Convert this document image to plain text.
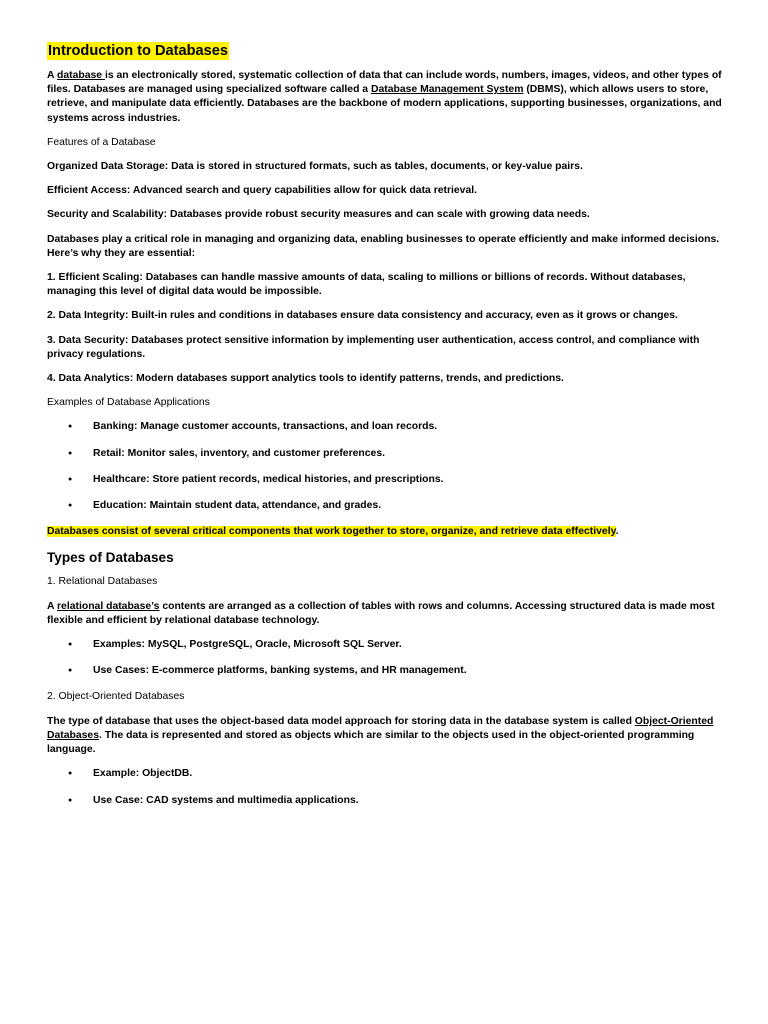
Introduction to Databases

A database is an electronically stored, systematic collection of data that can include words, numbers, images, videos, and other types of files. Databases are managed using specialized software called a Database Management System (DBMS), which allows users to store, retrieve, and manipulate data efficiently. Databases are the backbone of modern applications, supporting businesses, organizations, and systems across industries.

Features of a Database

Organized Data Storage: Data is stored in structured formats, such as tables, documents, or key-value pairs.

Efficient Access: Advanced search and query capabilities allow for quick data retrieval.

Security and Scalability: Databases provide robust security measures and can scale with growing data needs.

Databases play a critical role in managing and organizing data, enabling businesses to operate efficiently and make informed decisions. Here’s why they are essential:

1. Efficient Scaling: Databases can handle massive amounts of data, scaling to millions or billions of records. Without databases, managing this level of digital data would be impossible.

2. Data Integrity: Built-in rules and conditions in databases ensure data consistency and accuracy, even as it grows or changes.

3. Data Security: Databases protect sensitive information by implementing user authentication, access control, and compliance with privacy regulations.

4. Data Analytics: Modern databases support analytics tools to identify patterns, trends, and predictions.

Examples of Database Applications

● Banking: Manage customer accounts, transactions, and loan records.
● Retail: Monitor sales, inventory, and customer preferences.
● Healthcare: Store patient records, medical histories, and prescriptions.
● Education: Maintain student data, attendance, and grades.

Databases consist of several critical components that work together to store, organize, and retrieve data effectively.

Types of Databases

1. Relational Databases

A relational database’s contents are arranged as a collection of tables with rows and columns. Accessing structured data is made most flexible and efficient by relational database technology.

● Examples: MySQL, PostgreSQL, Oracle, Microsoft SQL Server.
● Use Cases: E-commerce platforms, banking systems, and HR management.

2. Object-Oriented Databases

The type of database that uses the object-based data model approach for storing data in the database system is called Object-Oriented Databases. The data is represented and stored as objects which are similar to the objects used in the object-oriented programming language.

● Example: ObjectDB.
● Use Case: CAD systems and multimedia applications.
